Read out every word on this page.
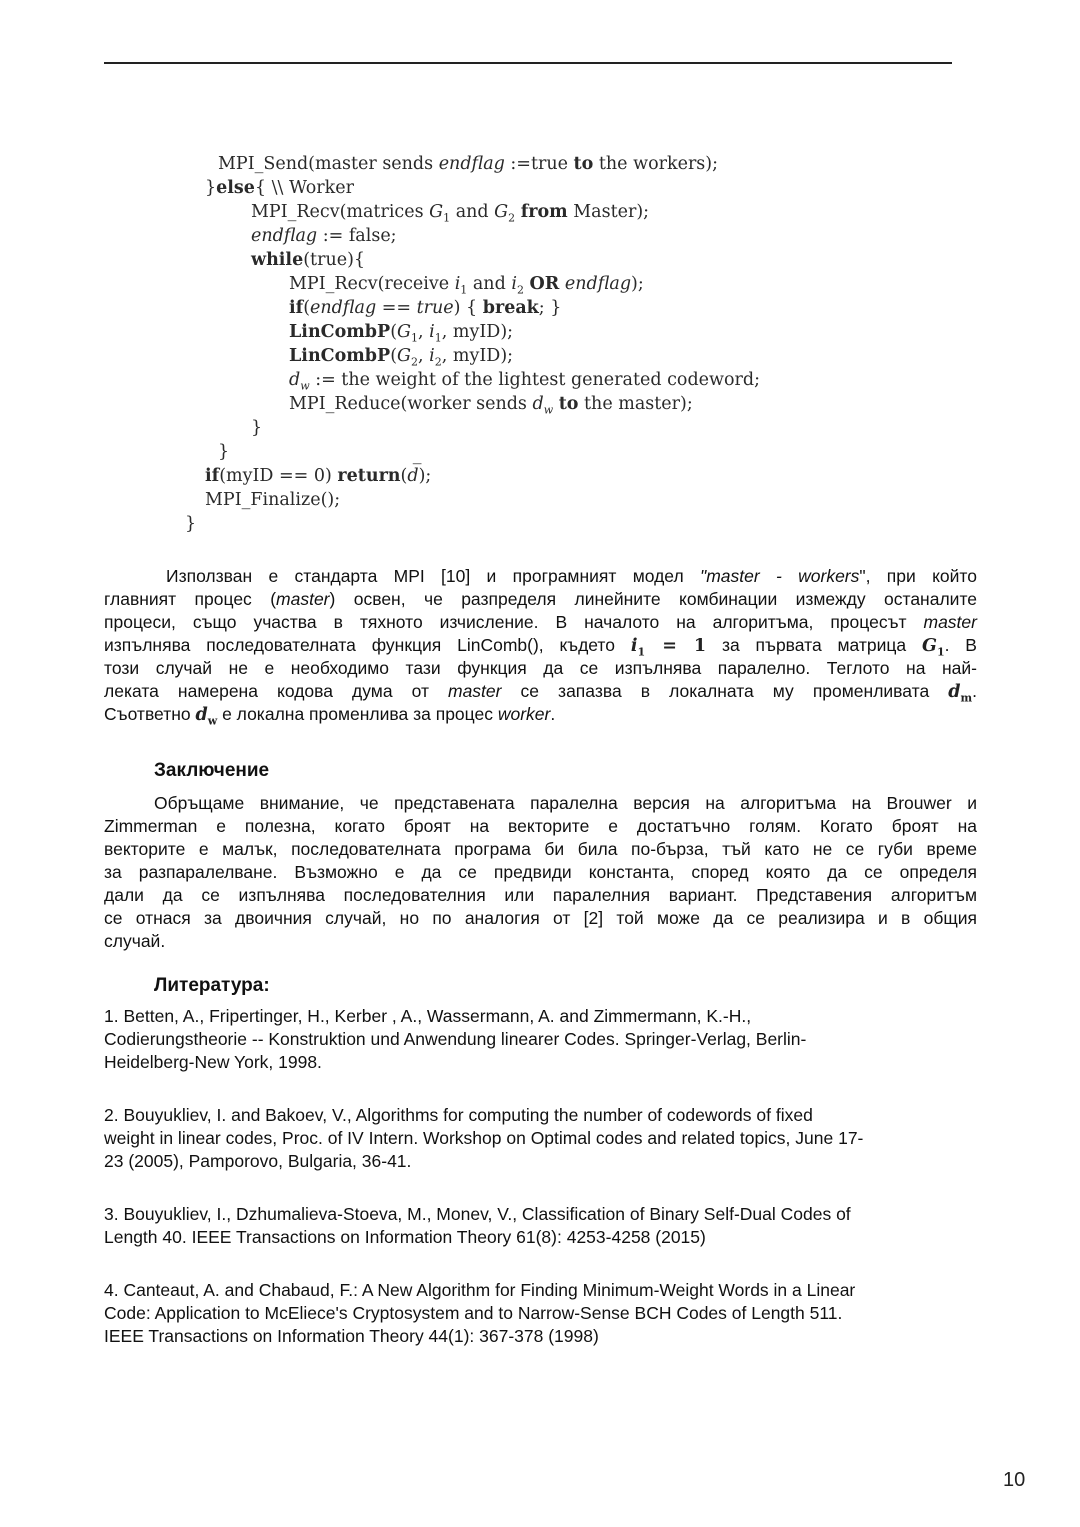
MPI_Send(master sends endflag :=true to the workers);
}else{ \\ Worker
MPI_Recv(matrices $G_1$ and $G_2$ from Master);
endflag := false;
while(true){
MPI_Recv(receive $i_1$ and $i_2$ OR endflag);
if(endflag == true) { break; }
$LinCombP(G_1$, $i_1$, myID);
$LinCombP(G_2$, $i_2$, myID);
$d_w$ := the weight of the lightest generated codeword;
MPI_Reduce(worker sends $d_w$ to the master);
}
}
if(myID == 0) return(d̅);
MPI_Finalize();
}
Използван е стандарта MPI [10] и програмният модел "master - workers", при който
главният процес (master) освен, че разпределя линейните комбинации измежду останалите
процеси, също участва в тяхното изчисление. В началото на алгоритъма, процесът master
изпълнява последователната функция LinComb(), където $i_1 = 1$ за първата матрица $G_1$. В
този случай не е необходимо тази функция да се изпълнява паралелно. Теглото на най-
леката намерена кодова дума от master се запазва в локалната му променливата $d_m$.
Съответно $d_w$ е локална променлива за процес worker.
Заключение
Обръщаме внимание, че представената паралелна версия на алгоритъма на Brouwer и
Zimmerman е полезна, когато броят на векторите е достатъчно голям. Когато броят на
векторите е малък, последователната програма би била по-бърза, тъй като не се губи време
за разпаралелване. Възможно е да се предвиди константа, според която да се определя
дали да се изпълнява последователния или паралелния вариант. Представения алгоритъм
се отнася за двоичния случай, но по аналогия от [2] той може да се реализира и в общия
случай.
Литература:
1. Betten, A., Fripertinger, H., Kerber , A., Wassermann, A. and Zimmermann, K.-H.,
Codierungstheorie -- Konstruktion und Anwendung linearer Codes. Springer-Verlag, Berlin-
Heidelberg-New York, 1998.
2. Bouyukliev, I. and Bakoev, V., Algorithms for computing the number of codewords of fixed
weight in linear codes, Proc. of IV Intern. Workshop on Optimal codes and related topics, June 17-
23 (2005), Pamporovo, Bulgaria, 36-41.
3. Bouyukliev, I., Dzhumalieva-Stoeva, M., Monev, V., Classification of Binary Self-Dual Codes of
Length 40. IEEE Transactions on Information Theory 61(8): 4253-4258 (2015)
4. Canteaut, A. and Chabaud, F.: A New Algorithm for Finding Minimum-Weight Words in a Linear
Code: Application to McEliece's Cryptosystem and to Narrow-Sense BCH Codes of Length 511.
IEEE Transactions on Information Theory 44(1): 367-378 (1998)
10
